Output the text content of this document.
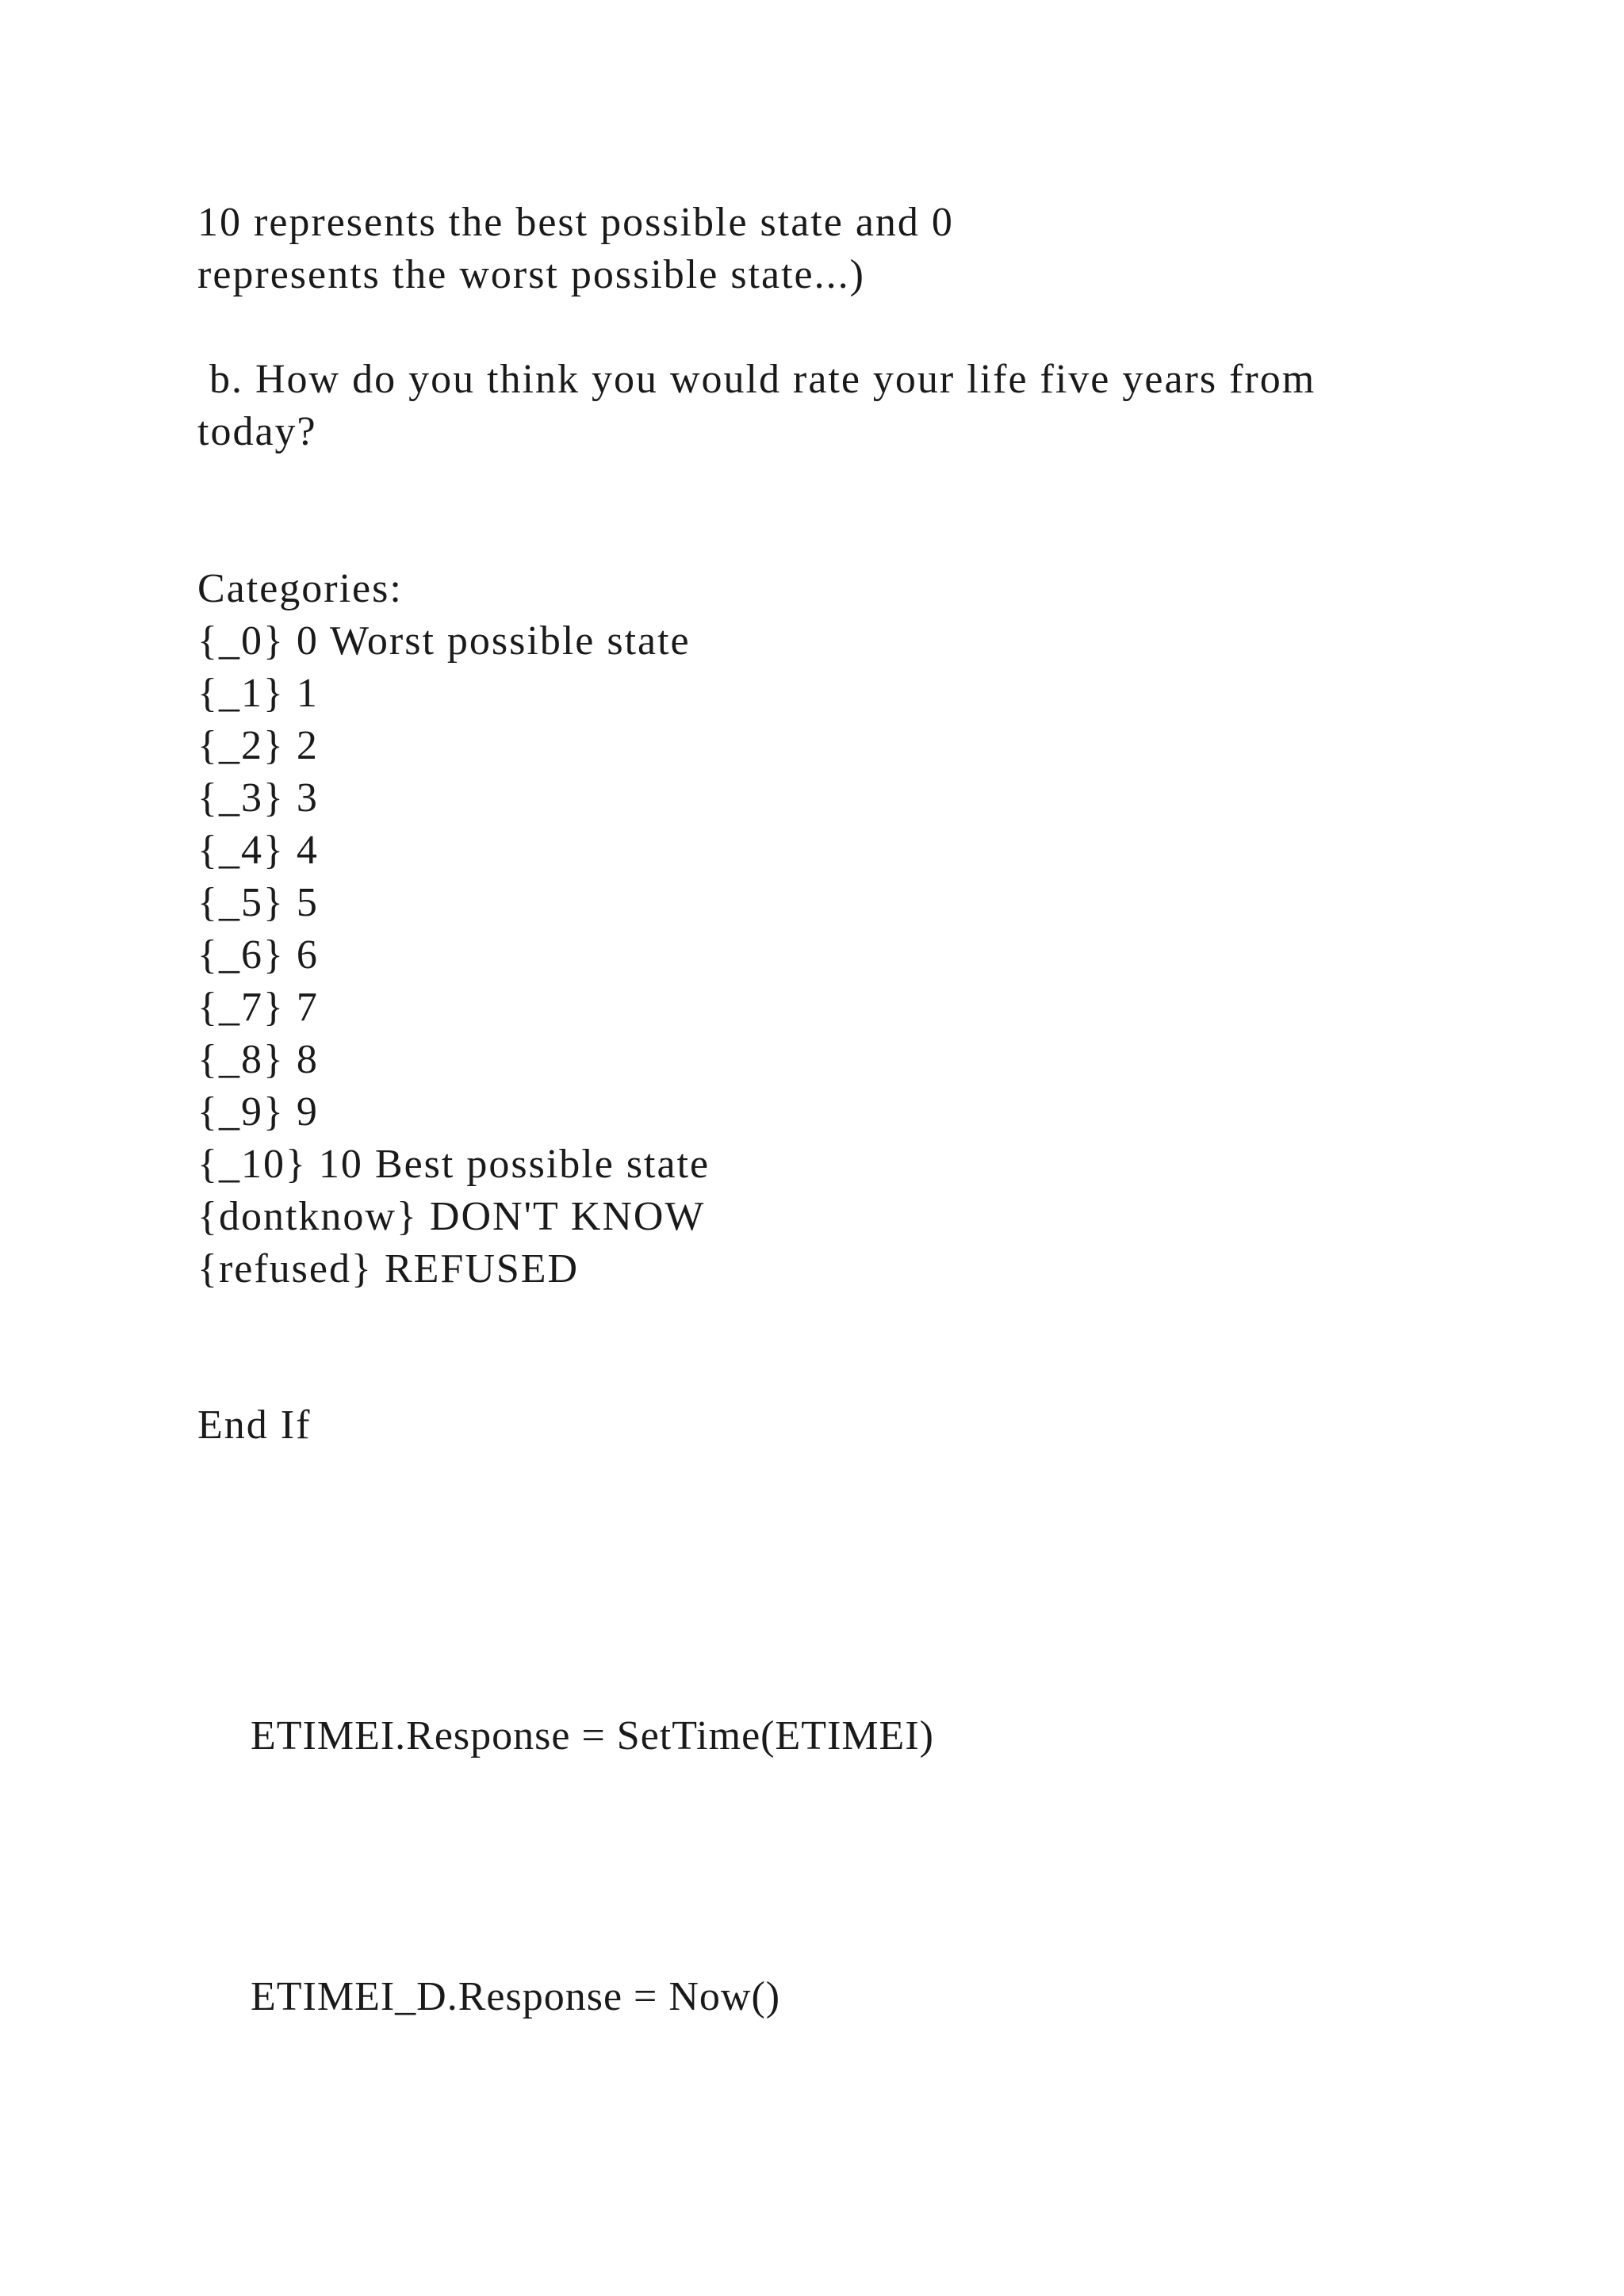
10 represents the best possible state and 0
represents the worst possible state...)
b. How do you think you would rate your life five years from
today?
Categories:
{_0} 0 Worst possible state
{_1} 1
{_2} 2
{_3} 3
{_4} 4
{_5} 5
{_6} 6
{_7} 7
{_8} 8
{_9} 9
{_10} 10 Best possible state
{dontknow} DON'T KNOW
{refused} REFUSED
End If
ETIMEI.Response = SetTime(ETIMEI)
ETIMEI_D.Response = Now()
